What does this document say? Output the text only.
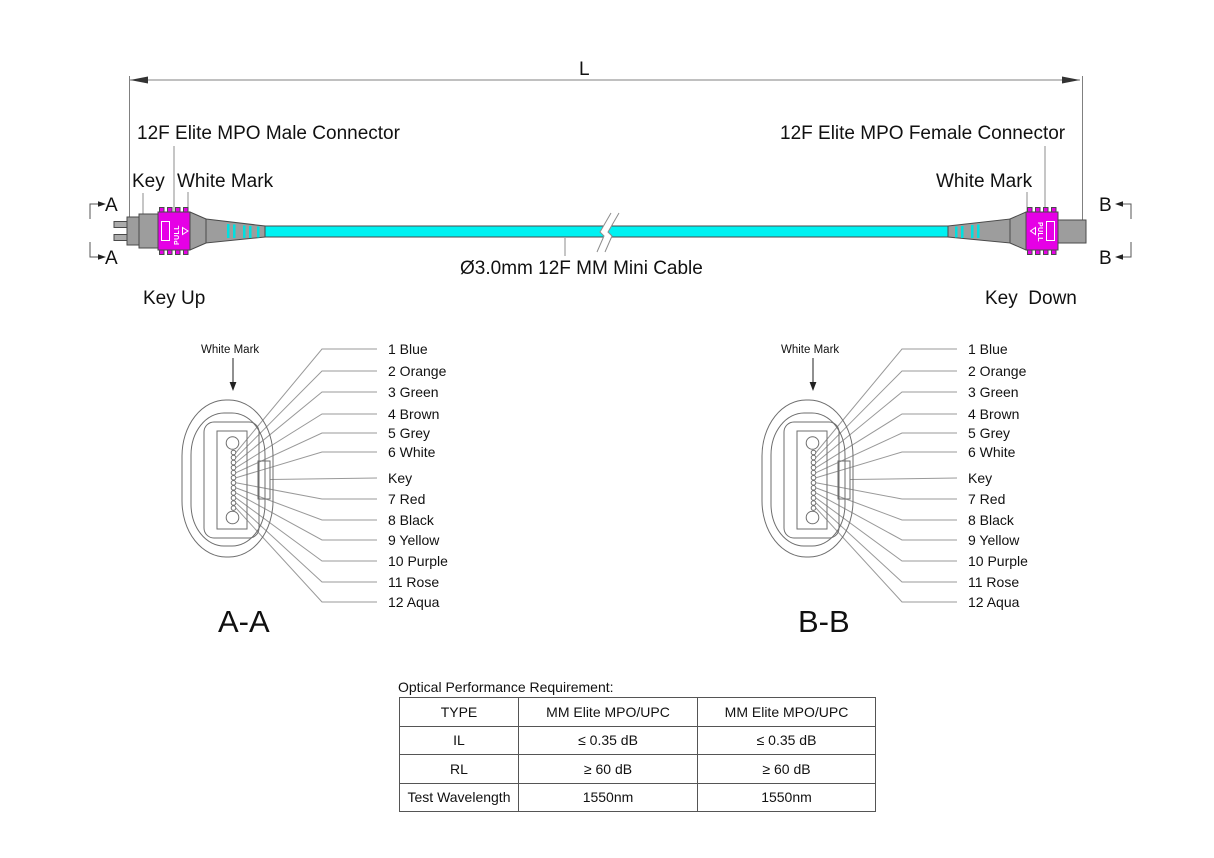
PULL	PULL
L
12F Elite MPO Male Connector	12F Elite MPO Female Connector
Key White Mark	White Mark
A
A
B
B
Ø3.0mm 12F MM Mini Cable
Key Up	Key  Down
White Mark	White Mark
A-A	B-B
1 Blue
2 Orange
3 Green
4 Brown
5 Grey
6 White
Key
7 Red
8 Black
9 Yellow
10 Purple
11 Rose
12 Aqua
1 Blue
2 Orange
3 Green
4 Brown
5 Grey
6 White
Key
7 Red
8 Black
9 Yellow
10 Purple
11 Rose
12 Aqua
Optical Performance Requirement:
TYPE	MM Elite MPO/UPC	MM Elite MPO/UPC
IL	≤ 0.35 dB	≤ 0.35 dB
RL	≥ 60 dB	≥ 60 dB
Test Wavelength	1550nm	1550nm
